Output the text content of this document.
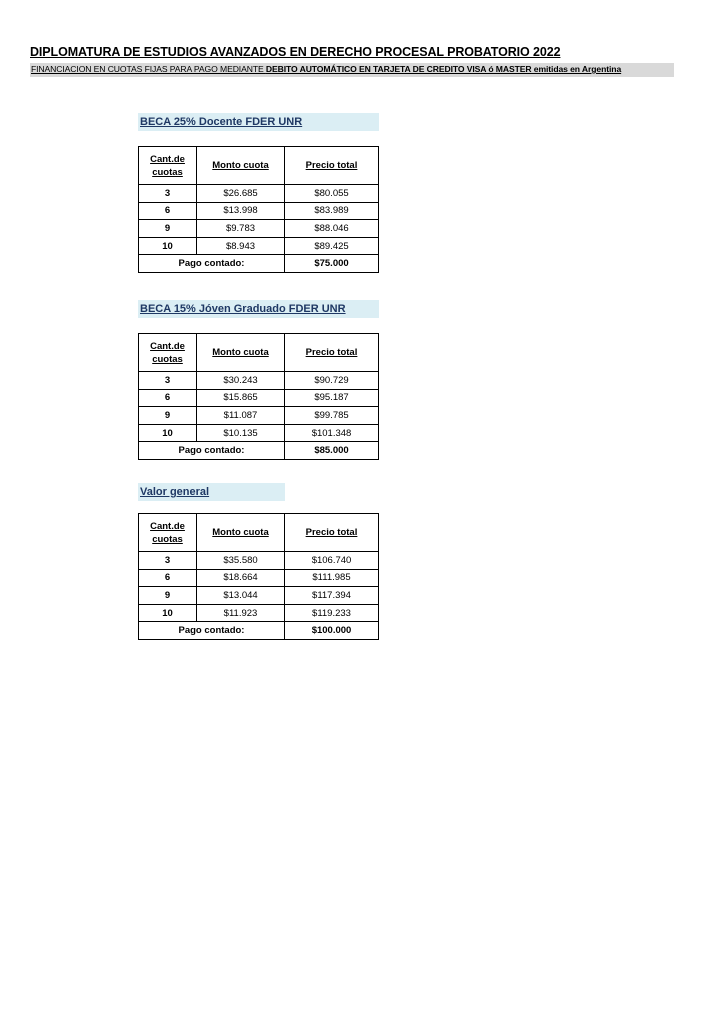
DIPLOMATURA DE ESTUDIOS AVANZADOS EN DERECHO PROCESAL PROBATORIO 2022
FINANCIACION EN CUOTAS FIJAS PARA PAGO MEDIANTE DEBITO AUTOMÁTICO EN TARJETA DE CREDITO VISA ó MASTER emitidas en Argentina
BECA 25% Docente FDER UNR
Cant.de
cuotas	Monto cuota	Precio total
3	$26.685	$80.055
6	$13.998	$83.989
9	$9.783	$88.046
10	$8.943	$89.425
Pago contado:		$75.000
BECA 15% Jóven Graduado FDER UNR
Cant.de
cuotas	Monto cuota	Precio total
3	$30.243	$90.729
6	$15.865	$95.187
9	$11.087	$99.785
10	$10.135	$101.348
Pago contado:		$85.000
Valor general
Cant.de
cuotas	Monto cuota	Precio total
3	$35.580	$106.740
6	$18.664	$111.985
9	$13.044	$117.394
10	$11.923	$119.233
Pago contado:		$100.000
